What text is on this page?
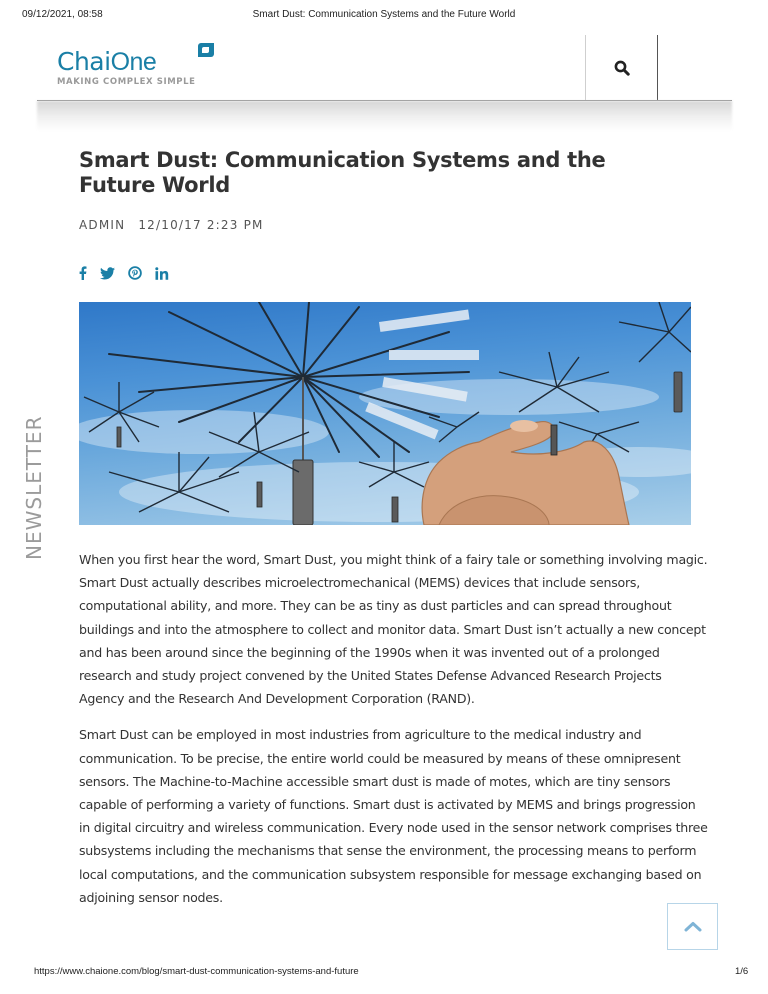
09/12/2021, 08:58	Smart Dust: Communication Systems and the Future World
ChaiOne
MAKING COMPLEX SIMPLE
NEWSLETTER
Smart Dust: Communication Systems and the Future World
ADMIN 12/10/17 2:23 PM

When you first hear the word, Smart Dust, you might think of a fairy tale or something involving magic. Smart Dust actually describes microelectromechanical (MEMS) devices that include sensors, computational ability, and more. They can be as tiny as dust particles and can spread throughout buildings and into the atmosphere to collect and monitor data. Smart Dust isn’t actually a new concept and has been around since the beginning of the 1990s when it was invented out of a prolonged research and study project convened by the United States Defense Advanced Research Projects Agency and the Research And Development Corporation (RAND).

Smart Dust can be employed in most industries from agriculture to the medical industry and communication. To be precise, the entire world could be measured by means of these omnipresent sensors. The Machine-to-Machine accessible smart dust is made of motes, which are tiny sensors capable of performing a variety of functions. Smart dust is activated by MEMS and brings progression in digital circuitry and wireless communication. Every node used in the sensor network comprises three subsystems including the mechanisms that sense the environment, the processing means to perform local computations, and the communication subsystem responsible for message exchanging based on adjoining sensor nodes.

https://www.chaione.com/blog/smart-dust-communication-systems-and-future	1/6
